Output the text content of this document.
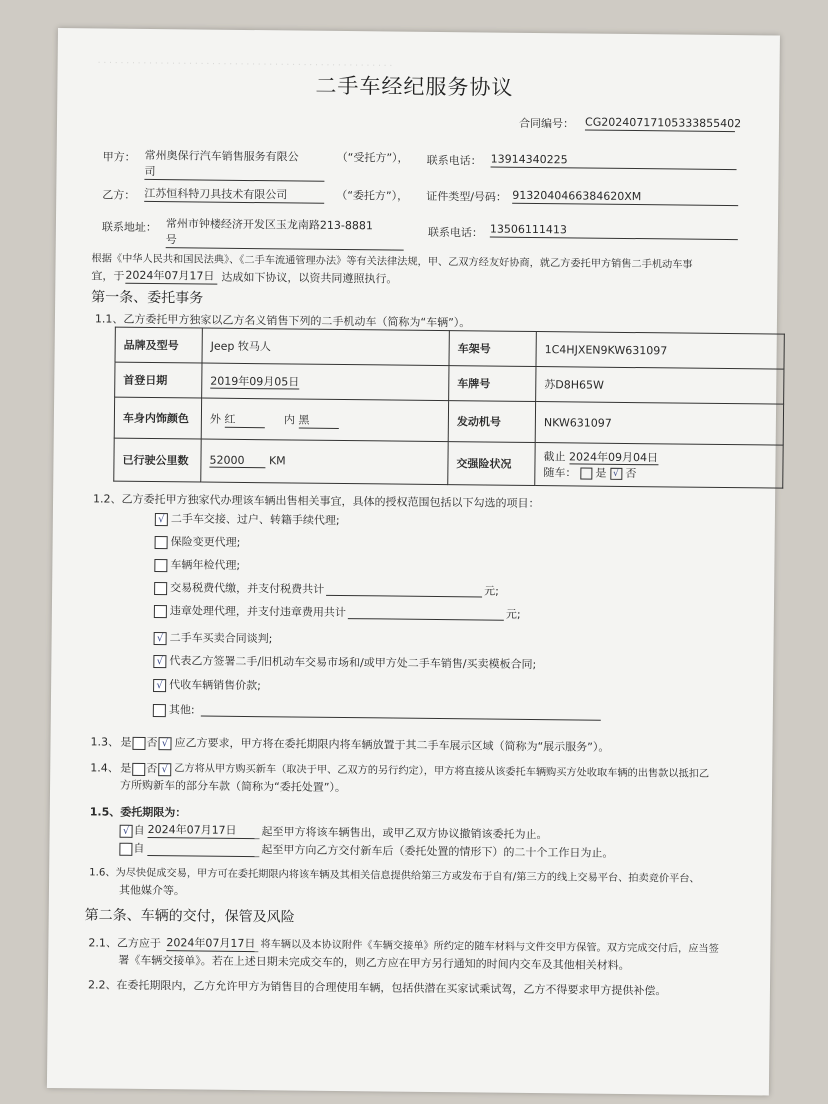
· · · · · · · · · · · · · · · · · · · · · · · · · · · · · · · · · · · · · · · · · · · · · · · · · · · ·
二手车经纪服务协议
合同编号： CG20240717105333855402
甲方： 常州奥保行汽车销售服务有限公
司
（“受托方”）， 联系电话： 13914340225
乙方： 江苏恒科特刀具技术有限公司	（“委托方”）， 证件类型/号码： 9132040466384620XM
联系地址： 常州市钟楼经济开发区玉龙南路213-8881
号
联系电话： 13506111413
根据《中华人民共和国民法典》、《二手车流通管理办法》等有关法律法规，甲、乙双方经友好协商，就乙方委托甲方销售二手机动车事
宜，于 2024年07月17日 达成如下协议，以资共同遵照执行。
第一条、委托事务
1.1、乙方委托甲方独家以乙方名义销售下列的二手机动车（简称为“车辆”）。
品牌及型号	Jeep 牧马人	车架号	1C4HJXEN9KW631097
首登日期	2019年09月05日	车牌号	苏D8H65W
车身内饰颜色	外 红 内 黑	发动机号	NKW631097
已行驶公里数	52000 KM	交强险状况	截止 2024年09月04日
随车： 是 √ 否
1.2、乙方委托甲方独家代办理该车辆出售相关事宜，具体的授权范围包括以下勾选的项目：
√ 二手车交接、过户、转籍手续代理;
保险变更代理;
车辆年检代理;
交易税费代缴，并支付税费共计	元;
违章处理代理，并支付违章费用共计	元;
√ 二手车买卖合同谈判;
√ 代表乙方签署二手/旧机动车交易市场和/或甲方处二手车销售/买卖模板合同;
√ 代收车辆销售价款;
其他:
1.3、 是 否 √ 应乙方要求，甲方将在委托期限内将车辆放置于其二手车展示区域（简称为“展示服务”）。
1.4、 是 否 √ 乙方将从甲方购买新车（取决于甲、乙双方的另行约定），甲方将直接从该委托车辆购买方处收取车辆的出售款以抵扣乙
方所购新车的部分车款（简称为“委托处置”）。
1.5、委托期限为：
√ 自 2024年07月17日	起至甲方将该车辆售出，或甲乙双方协议撤销该委托为止。
自	起至甲方向乙方交付新车后（委托处置的情形下）的二十个工作日为止。
1.6、为尽快促成交易，甲方可在委托期限内将该车辆及其相关信息提供给第三方或发布于自有/第三方的线上交易平台、拍卖竞价平台、
其他媒介等。
第二条、车辆的交付，保管及风险
2.1、乙方应于 2024年07月17日 将车辆以及本协议附件《车辆交接单》所约定的随车材料与文件交甲方保管。双方完成交付后，应当签
署《车辆交接单》。若在上述日期未完成交车的，则乙方应在甲方另行通知的时间内交车及其他相关材料。
2.2、在委托期限内，乙方允许甲方为销售目的合理使用车辆，包括供潜在买家试乘试驾，乙方不得要求甲方提供补偿。
